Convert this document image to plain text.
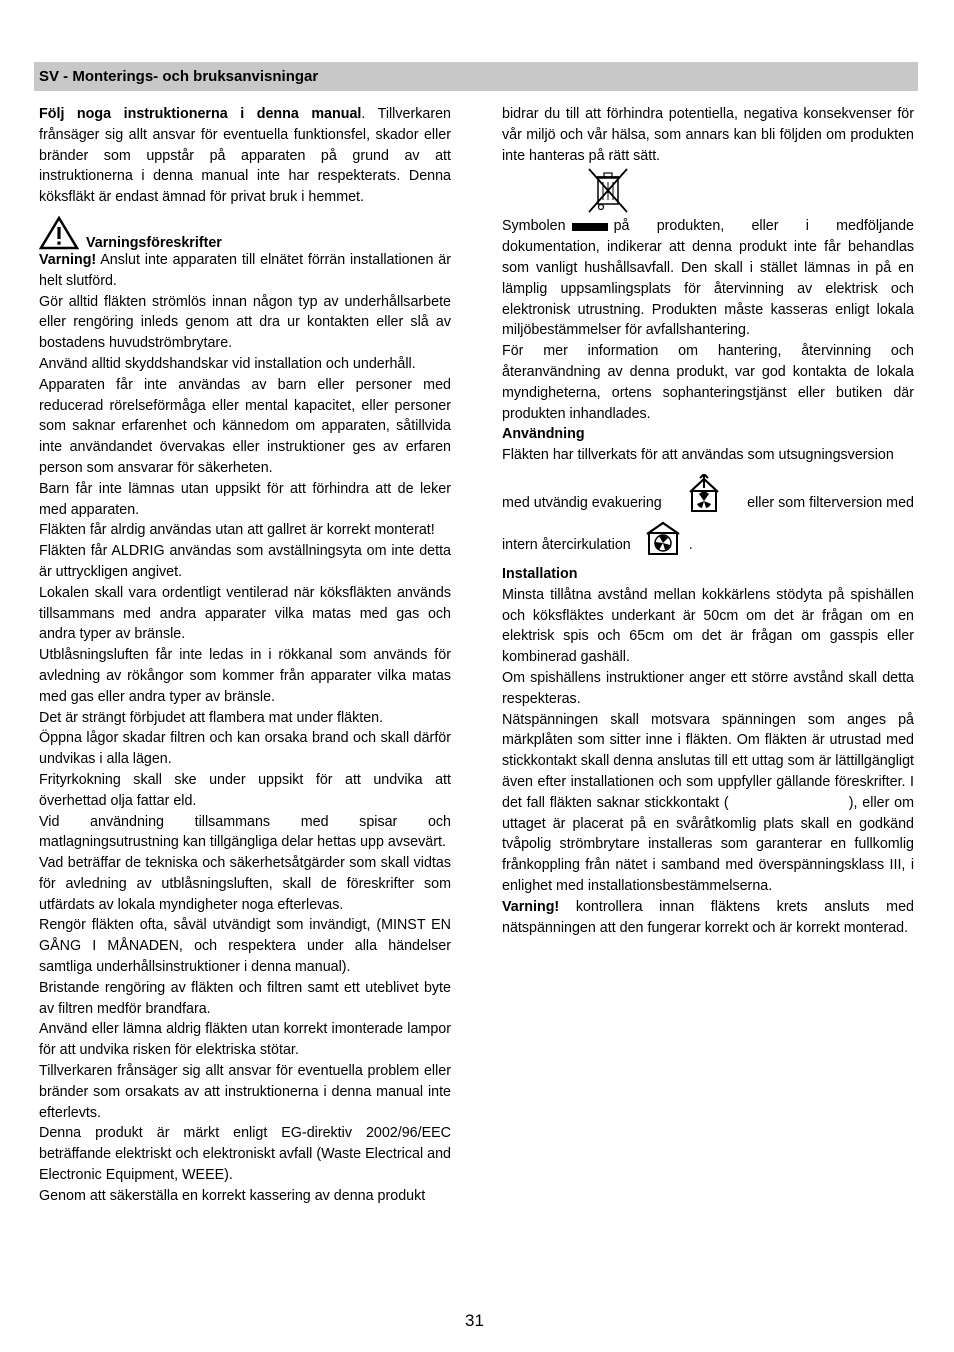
SV - Monterings- och bruksanvisningar

Följ noga instruktionerna i denna manual. Tillverkaren frånsäger sig allt ansvar för eventuella funktionsfel, skador eller bränder som uppstår på apparaten på grund av att instruktionerna i denna manual inte har respekterats. Denna köksfläkt är endast ämnad för privat bruk i hemmet.

Varningsföreskrifter

Varning! Anslut inte apparaten till elnätet förrän installationen är helt slutförd.

Gör alltid fläkten strömlös innan någon typ av underhållsarbete eller rengöring inleds genom att dra ur kontakten eller slå av bostadens huvudströmbrytare.

Använd alltid skyddshandskar vid installation och underhåll.

Apparaten får inte användas av barn eller personer med reducerad rörelseförmåga eller mental kapacitet, eller personer som saknar erfarenhet och kännedom om apparaten, såtillvida inte användandet övervakas eller instruktioner ges av erfaren person som ansvarar för säkerheten.

Barn får inte lämnas utan uppsikt för att förhindra att de leker med apparaten.

Fläkten får alrdig användas utan att gallret är korrekt monterat!

Fläkten får ALDRIG användas som avställningsyta om inte detta är uttryckligen angivet.

Lokalen skall vara ordentligt ventilerad när köksfläkten används tillsammans med andra apparater vilka matas med gas och andra typer av bränsle.

Utblåsningsluften får inte ledas in i rökkanal som används för avledning av rökångor som kommer från apparater vilka matas med gas eller andra typer av bränsle.

Det är strängt förbjudet att flambera mat under fläkten.

Öppna lågor skadar filtren och kan orsaka brand och skall därför undvikas i alla lägen.

Frityrkokning skall ske under uppsikt för att undvika att överhettad olja fattar eld.

Vid användning tillsammans med spisar och matlagningsutrustning kan tillgängliga delar hettas upp avsevärt.

Vad beträffar de tekniska och säkerhetsåtgärder som skall vidtas för avledning av utblåsningsluften, skall de föreskrifter som utfärdats av lokala myndigheter noga efterlevas.

Rengör fläkten ofta, såväl utvändigt som invändigt, (MINST EN GÅNG I MÅNADEN, och respektera under alla händelser samtliga underhållsinstruktioner i denna manual).

Bristande rengöring av fläkten och filtren samt ett uteblivet byte av filtren medför brandfara.

Använd eller lämna aldrig fläkten utan korrekt imonterade lampor för att undvika risken för elektriska stötar.

Tillverkaren frånsäger sig allt ansvar för eventuella problem eller bränder som orsakats av att instruktionerna i denna manual inte efterlevts.

Denna produkt är märkt enligt EG-direktiv 2002/96/EEC beträffande elektriskt och elektroniskt avfall (Waste Electrical and Electronic Equipment, WEEE).

Genom att säkerställa en korrekt kassering av denna produkt

bidrar du till att förhindra potentiella, negativa konsekvenser för vår miljö och vår hälsa, som annars kan bli följden om produkten inte hanteras på rätt sätt.

Symbolen	på produkten, eller i medföljande dokumentation, indikerar att denna produkt inte får behandlas som vanligt hushållsavfall. Den skall i stället lämnas in på en lämplig uppsamlingsplats för återvinning av elektrisk och elektronisk utrustning. Produkten måste kasseras enligt lokala miljöbestämmelser för avfallshantering.

För mer information om hantering, återvinning och återanvändning av denna produkt, var god kontakta de lokala myndigheterna, ortens sophanteringstjänst eller butiken där produkten inhandlades.

Användning

Fläkten har tillverkats för att användas som utsugningsversion

med utvändig evakuering	eller som filterversion med
intern återcirkulation	.

Installation

Minsta tillåtna avstånd mellan kokkärlens stödyta på spishällen och köksfläktes underkant är 50cm om det är frågan om en elektrisk spis och 65cm om det är frågan om gasspis eller kombinerad gashäll.

Om spishällens instruktioner anger ett större avstånd skall detta respekteras.

Nätspänningen skall motsvara spänningen som anges på märkplåten som sitter inne i fläkten. Om fläkten är utrustad med stickkontakt skall denna anslutas till ett uttag som är lättillgängligt även efter installationen och som uppfyller gällande föreskrifter. I det fall fläkten saknar stickkontakt (                         ), eller om uttaget är placerat på en svåråtkomlig plats skall en godkänd tvåpolig strömbrytare installeras som garanterar en fullkomlig frånkoppling från nätet i samband med överspänningsklass III, i enlighet med installationsbestämmelserna.

Varning! kontrollera innan fläktens krets ansluts med nätspänningen att den fungerar korrekt och är korrekt monterad.

31
